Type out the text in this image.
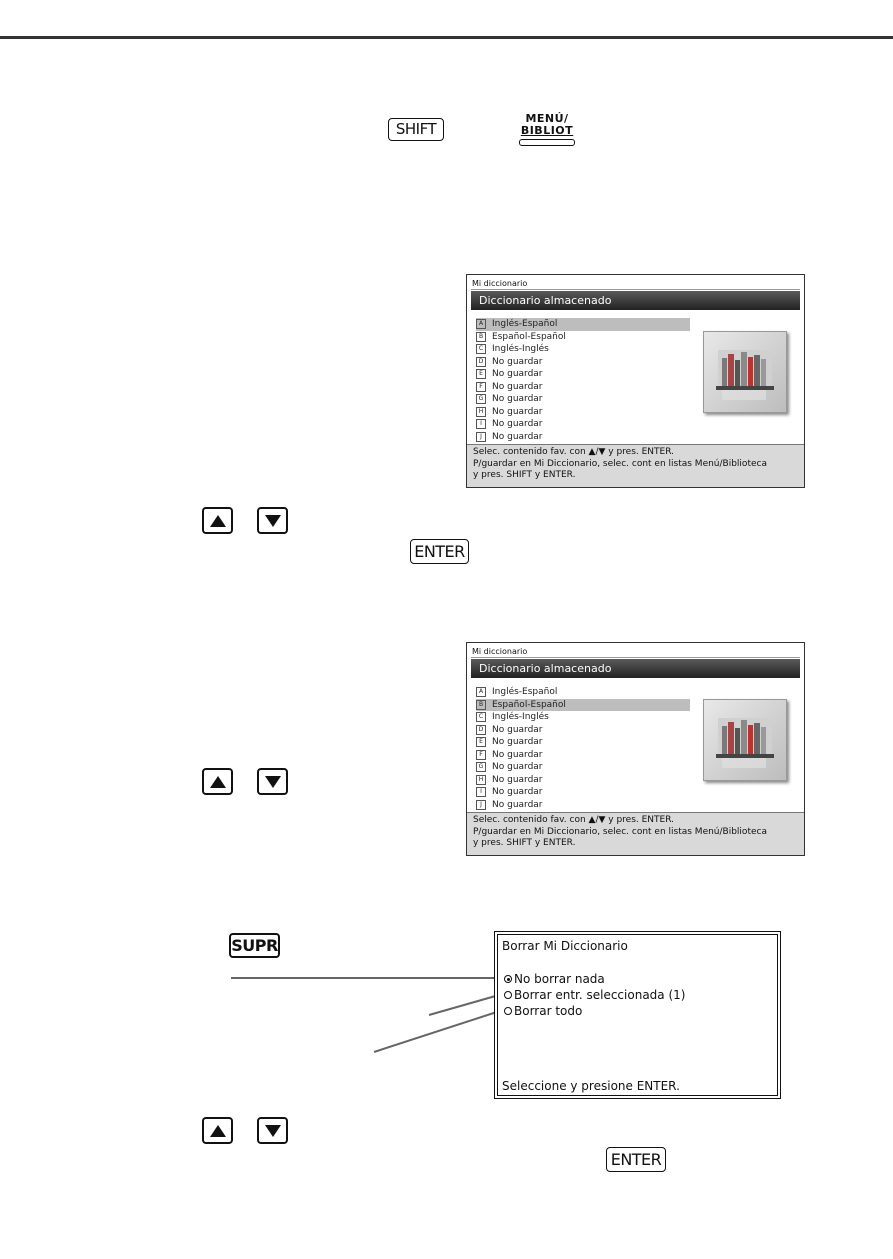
SHIFT
MENÚ/
BIBLIOT
Mi diccionario
Diccionario almacenado
A Inglés-Español
B Español-Español
C Inglés-Inglés
D No guardar
E	No guardar
F	No guardar
G No guardar
H No guardar
I	No guardar
J	No guardar

Selec. contenido fav. con ▲/▼ y pres. ENTER.

P/guardar en Mi Diccionario, selec. cont en listas Menú/Biblioteca

y pres. SHIFT y ENTER.

ENTER
Mi diccionario
Diccionario almacenado
A Inglés-Español
B Español-Español
C Inglés-Inglés
D No guardar
E	No guardar
F	No guardar
G No guardar
H No guardar
I	No guardar
J	No guardar

Selec. contenido fav. con ▲/▼ y pres. ENTER.

P/guardar en Mi Diccionario, selec. cont en listas Menú/Biblioteca

y pres. SHIFT y ENTER.

SUPR	Borrar Mi Diccionario
No borrar nada
Borrar entr. seleccionada (1)
Borrar todo
Seleccione y presione ENTER.
ENTER
